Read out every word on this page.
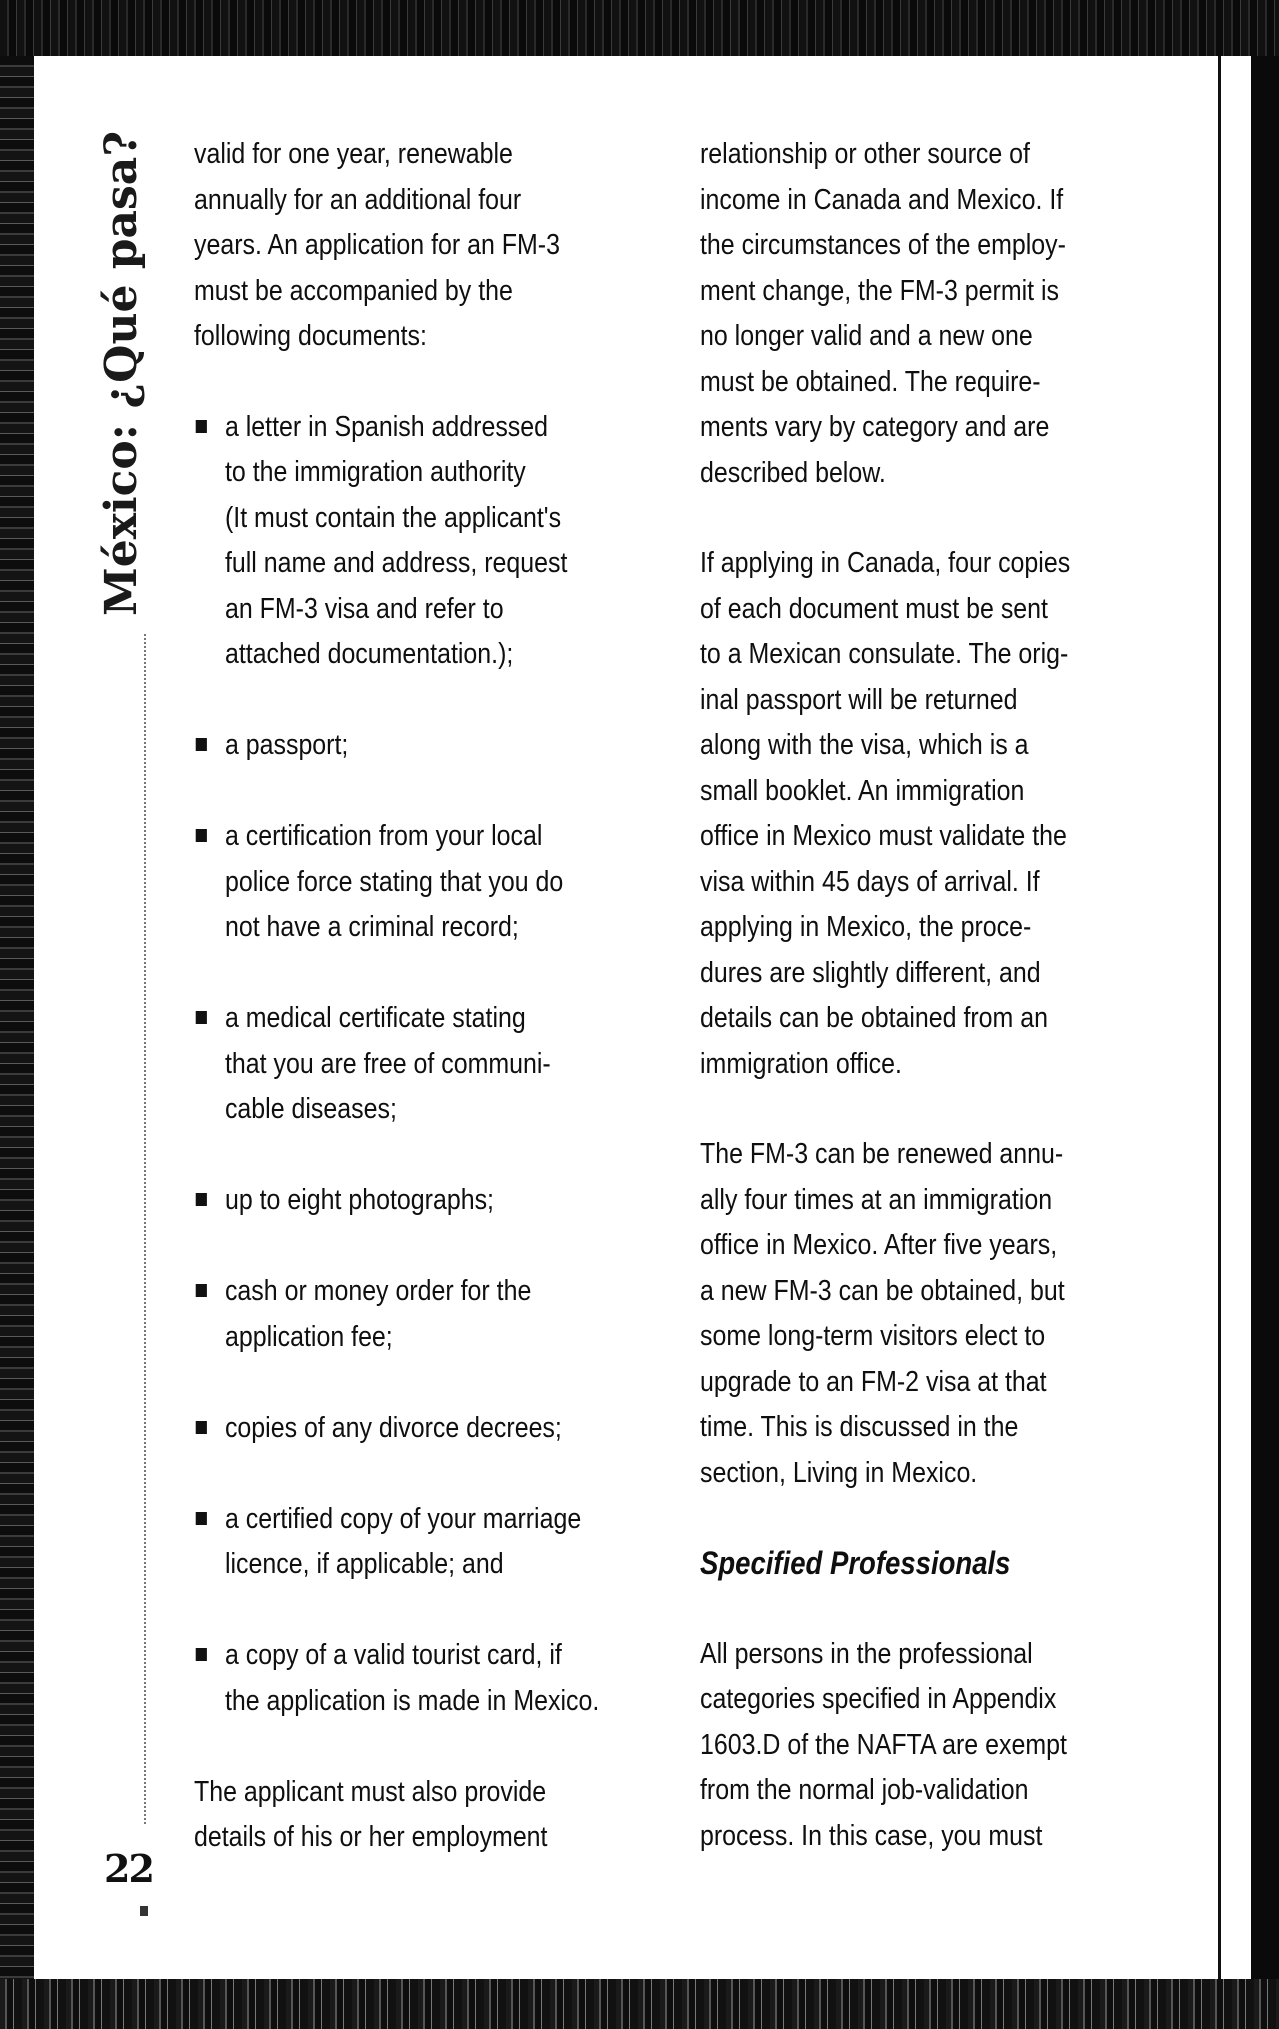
México: ¿Qué pasa?
22

valid for one year, renewable
annually for an additional four
years. An application for an FM-3
must be accompanied by the
following documents:

a letter in Spanish addressed
to the immigration authority
(It must contain the applicant's
full name and address, request
an FM-3 visa and refer to
attached documentation.);
a passport;
a certification from your local
police force stating that you do
not have a criminal record;
a medical certificate stating
that you are free of communi-
cable diseases;
up to eight photographs;
cash or money order for the
application fee;
copies of any divorce decrees;
a certified copy of your marriage
licence, if applicable; and
a copy of a valid tourist card, if
the application is made in Mexico.

The applicant must also provide
details of his or her employment

relationship or other source of
income in Canada and Mexico. If
the circumstances of the employ-
ment change, the FM-3 permit is
no longer valid and a new one
must be obtained. The require-
ments vary by category and are
described below.

If applying in Canada, four copies
of each document must be sent
to a Mexican consulate. The orig-
inal passport will be returned
along with the visa, which is a
small booklet. An immigration
office in Mexico must validate the
visa within 45 days of arrival. If
applying in Mexico, the proce-
dures are slightly different, and
details can be obtained from an
immigration office.

The FM-3 can be renewed annu-
ally four times at an immigration
office in Mexico. After five years,
a new FM-3 can be obtained, but
some long-term visitors elect to
upgrade to an FM-2 visa at that
time. This is discussed in the
section, Living in Mexico.

Specified Professionals

All persons in the professional
categories specified in Appendix
1603.D of the NAFTA are exempt
from the normal job-validation
process. In this case, you must
